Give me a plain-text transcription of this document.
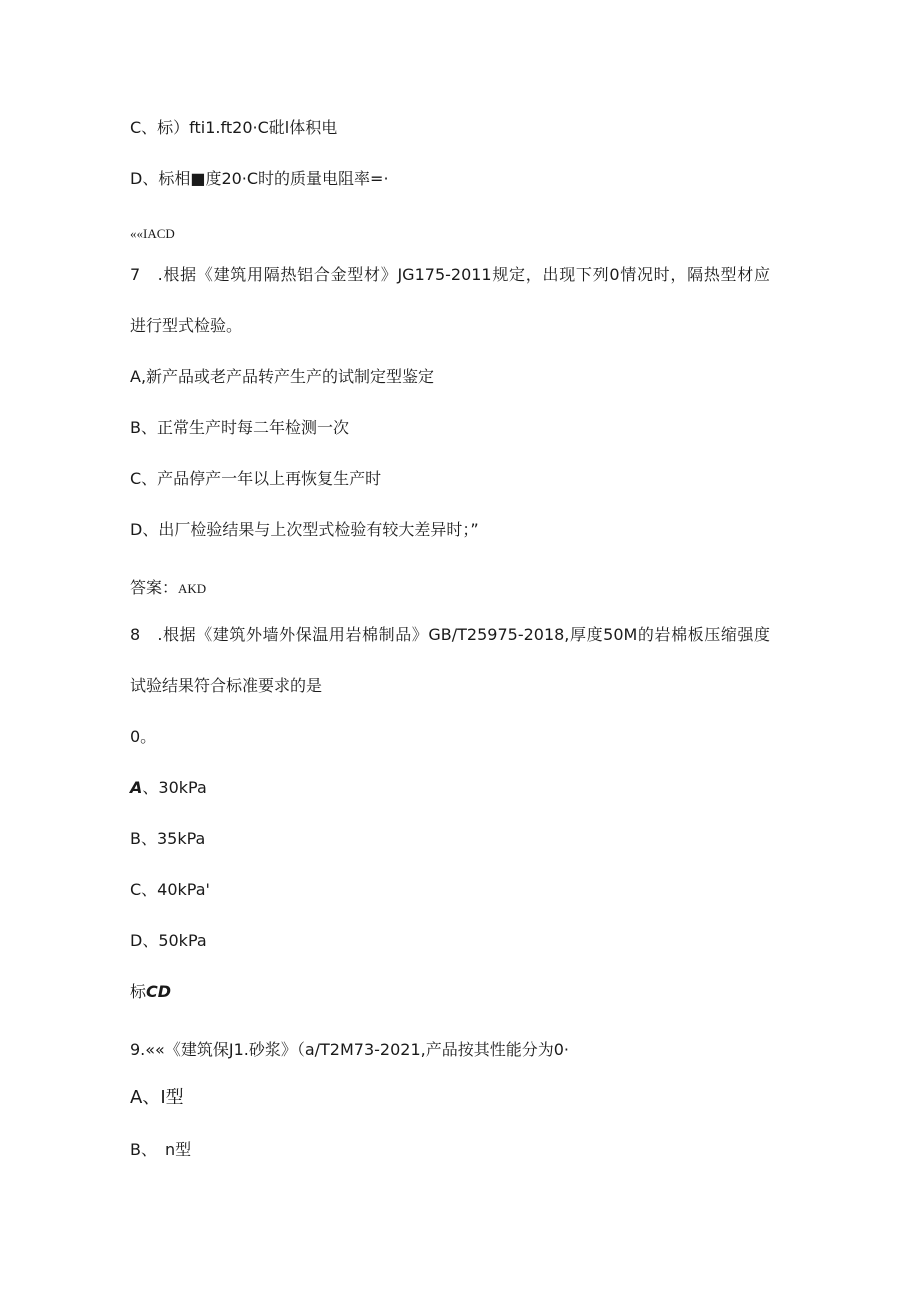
C、标）fti1.ft20·C砒l体积电
D、标相■度20·C时的质量电阻率=·
««IACD
7　.根据《建筑用隔热铝合金型材》JG175-2011规定，出现下列0情况时，隔热型材应
进行型式检验。
A,新产品或老产品转产生产的试制定型鉴定
B、正常生产时每二年检测一次
C、产品停产一年以上再恢复生产时
D、出厂检验结果与上次型式检验有较大差异时；”
答案：AKD
8　.根据《建筑外墙外保温用岩棉制品》GB/T25975-2018,厚度50M的岩棉板压缩强度
试验结果符合标准要求的是
0。
A、30kPa
B、35kPa
C、40kPa'
D、50kPa
标CD
9.««《建筑保J1.砂浆》（a/T2M73-2021,产品按其性能分为0·
A、I型
B、　n型
